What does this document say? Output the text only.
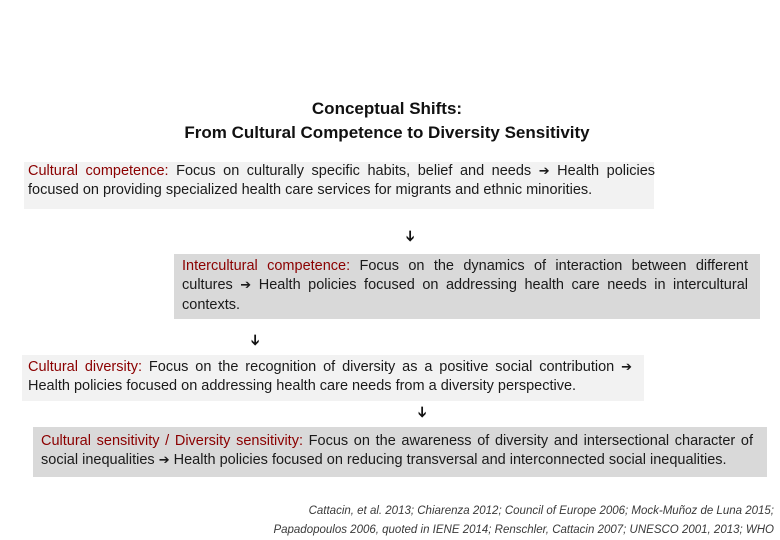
Conceptual Shifts:
From Cultural Competence to Diversity Sensitivity
Cultural competence: Focus on culturally specific habits, belief and needs ➔ Health policies focused on providing specialized health care services for migrants and ethnic minorities.
➔
Intercultural competence: Focus on the dynamics of interaction between different cultures ➔ Health policies focused on addressing health care needs in intercultural contexts.
➔
Cultural diversity: Focus on the recognition of diversity as a positive social contribution ➔ Health policies focused on addressing health care needs from a diversity perspective.
➔
Cultural sensitivity / Diversity sensitivity: Focus on the awareness of diversity and intersectional character of social inequalities ➔ Health policies focused on reducing transversal and interconnected social inequalities.
Cattacin, et al. 2013; Chiarenza 2012; Council of Europe 2006; Mock-Muñoz de Luna 2015;
Papadopoulos 2006, quoted in IENE 2014; Renschler, Cattacin 2007; UNESCO 2001, 2013; WHO
